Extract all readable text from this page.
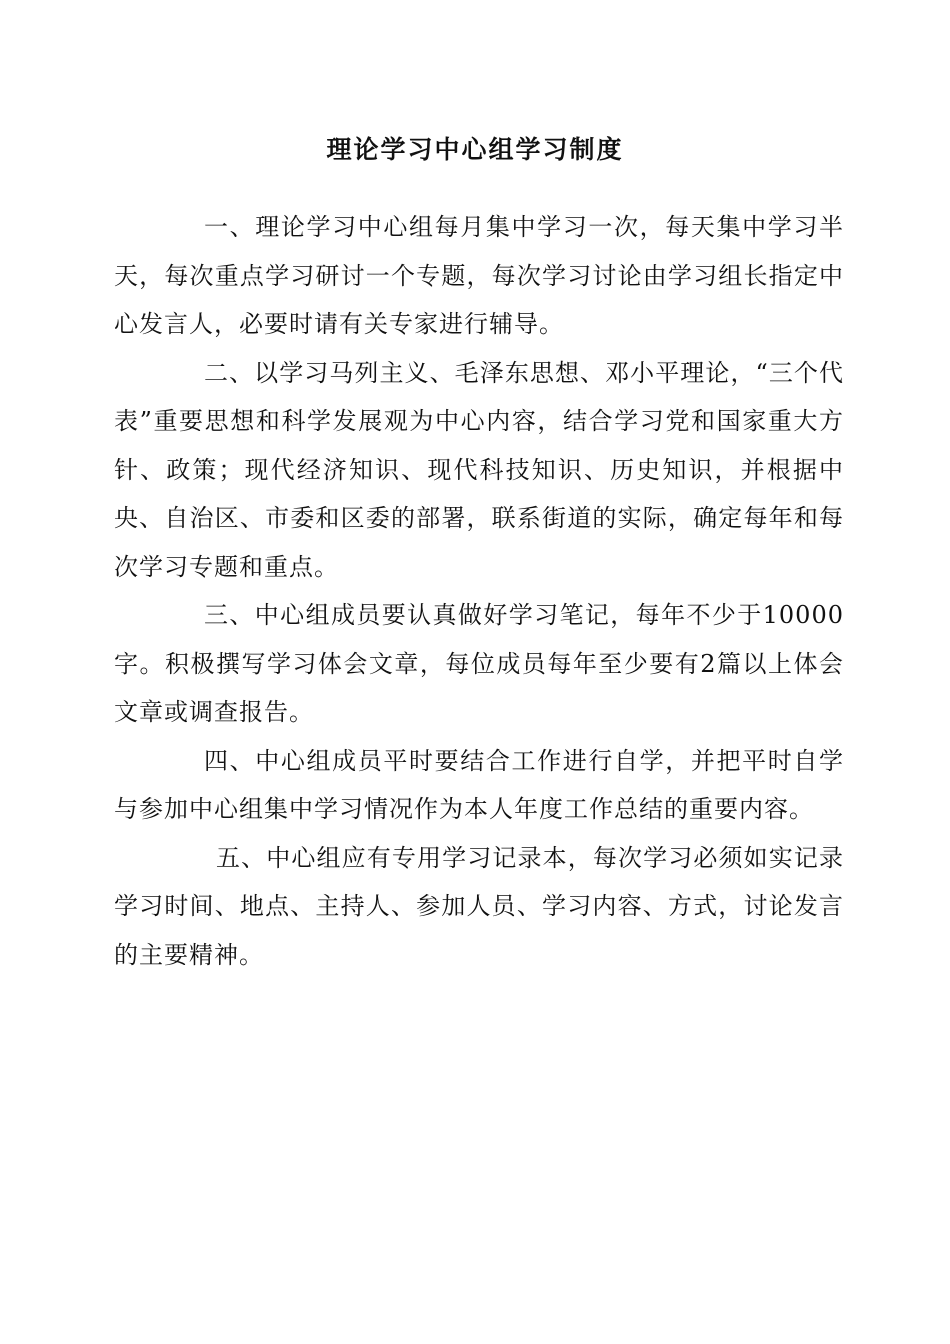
理论学习中心组学习制度

一、理论学习中心组每月集中学习一次，每天集中学习半天，每次重点学习研讨一个专题，每次学习讨论由学习组长指定中心发言人，必要时请有关专家进行辅导。

二、以学习马列主义、毛泽东思想、邓小平理论，“三个代表”重要思想和科学发展观为中心内容，结合学习党和国家重大方针、政策；现代经济知识、现代科技知识、历史知识，并根据中央、自治区、市委和区委的部署，联系街道的实际，确定每年和每次学习专题和重点。

三、中心组成员要认真做好学习笔记，每年不少于10000字。积极撰写学习体会文章，每位成员每年至少要有2篇以上体会文章或调查报告。

四、中心组成员平时要结合工作进行自学，并把平时自学与参加中心组集中学习情况作为本人年度工作总结的重要内容。

五、中心组应有专用学习记录本，每次学习必须如实记录学习时间、地点、主持人、参加人员、学习内容、方式，讨论发言的主要精神。
